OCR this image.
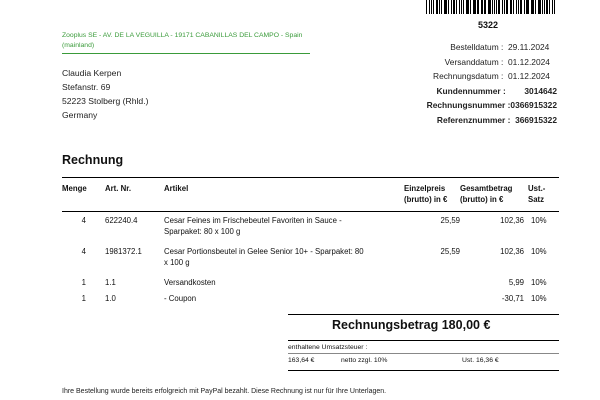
5322
Zooplus SE - AV. DE LA VEGUILLA - 19171 CABANILLAS DEL CAMPO - Spain (mainland)
Claudia Kerpen
Stefanstr. 69
52223 Stolberg (Rhld.)
Germany
Bestelldatum :
29.11.2024
Versanddatum :
01.12.2024
Rechnungsdatum :
01.12.2024
Kundennummer :
3014642
Rechnungsnummer : 0366915322
Referenznummer :
366915322
Rechnung
Menge Art. Nr.	Artikel	Einzelpreis
(brutto) in €
Gesamtbetrag
(brutto) in €
Ust.-
Satz
4 622240.4	Cesar Feines im Frischebeutel Favoriten in Sauce -
Sparpaket: 80 x 100 g
25,59	102,36 10%
4 1981372.1	Cesar Portionsbeutel in Gelee Senior 10+ - Sparpaket: 80
x 100 g
25,59	102,36 10%
1 1.1	Versandkosten	5,99 10%
1 1.0	- Coupon	-30,71 10%
Rechnungsbetrag 180,00 €
enthaltene Umsatzsteuer :
163,64 €	netto zzgl. 10%	Ust. 16,36 €
Ihre Bestellung wurde bereits erfolgreich mit PayPal bezahlt. Diese Rechnung ist nur für Ihre Unterlagen.
